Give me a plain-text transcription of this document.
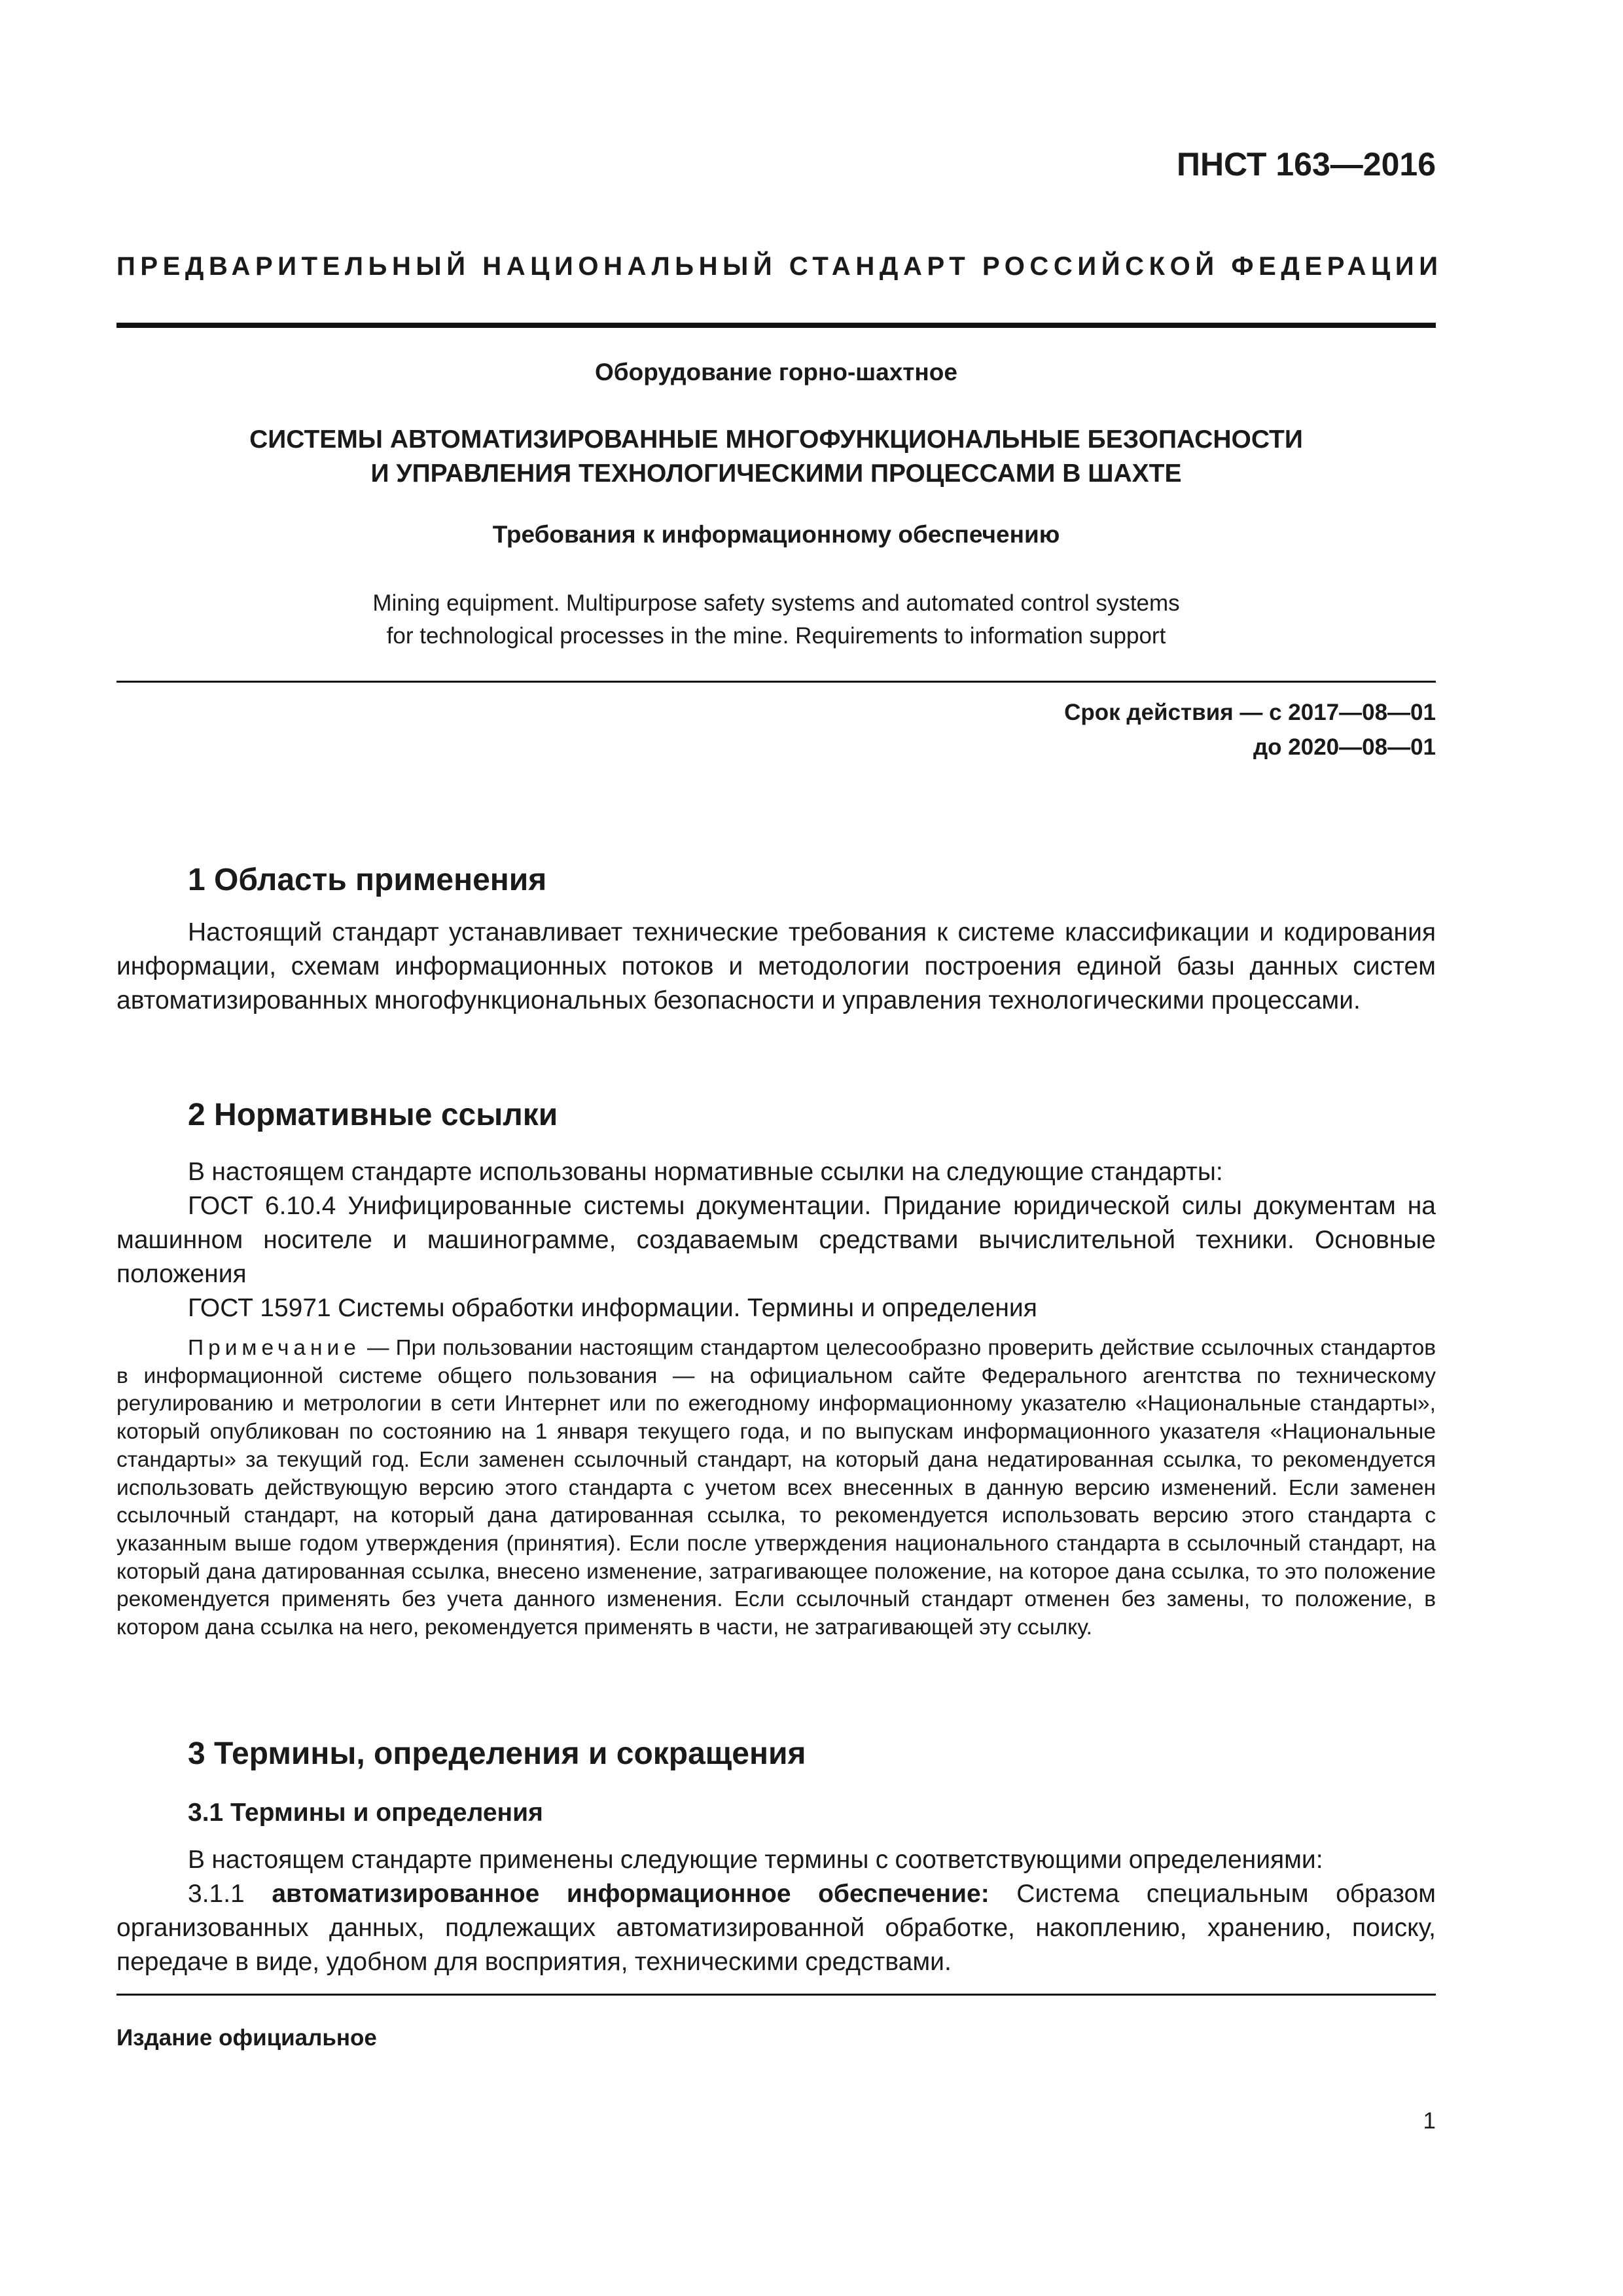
ПНСТ 163—2016
ПРЕДВАРИТЕЛЬНЫЙ НАЦИОНАЛЬНЫЙ СТАНДАРТ РОССИЙСКОЙ ФЕДЕРАЦИИ
Оборудование горно-шахтное
СИСТЕМЫ АВТОМАТИЗИРОВАННЫЕ МНОГОФУНКЦИОНАЛЬНЫЕ БЕЗОПАСНОСТИ
И УПРАВЛЕНИЯ ТЕХНОЛОГИЧЕСКИМИ ПРОЦЕССАМИ В ШАХТЕ
Требования к информационному обеспечению
Mining equipment. Multipurpose safety systems and automated control systems
for technological processes in the mine. Requirements to information support
Срок действия — с 2017—08—01
до 2020—08—01
1 Область применения

Настоящий стандарт устанавливает технические требования к системе классификации и кодирования информации, схемам информационных потоков и методологии построения единой базы данных систем автоматизированных многофункциональных безопасности и управления технологическими процессами.

2 Нормативные ссылки

В настоящем стандарте использованы нормативные ссылки на следующие стандарты:

ГОСТ 6.10.4 Унифицированные системы документации. Придание юридической силы документам на машинном носителе и машинограмме, создаваемым средствами вычислительной техники. Основные положения

ГОСТ 15971 Системы обработки информации. Термины и определения

Примечание — При пользовании настоящим стандартом целесообразно проверить действие ссылочных стандартов в информационной системе общего пользования — на официальном сайте Федерального агентства по техническому регулированию и метрологии в сети Интернет или по ежегодному информационному указателю «Национальные стандарты», который опубликован по состоянию на 1 января текущего года, и по выпускам информационного указателя «Национальные стандарты» за текущий год. Если заменен ссылочный стандарт, на который дана недатированная ссылка, то рекомендуется использовать действующую версию этого стандарта с учетом всех внесенных в данную версию изменений. Если заменен ссылочный стандарт, на который дана датированная ссылка, то рекомендуется использовать версию этого стандарта с указанным выше годом утверждения (принятия). Если после утверждения национального стандарта в ссылочный стандарт, на который дана датированная ссылка, внесено изменение, затрагивающее положение, на которое дана ссылка, то это положение рекомендуется применять без учета данного изменения. Если ссылочный стандарт отменен без замены, то положение, в котором дана ссылка на него, рекомендуется применять в части, не затрагивающей эту ссылку.

3 Термины, определения и сокращения
3.1 Термины и определения

В настоящем стандарте применены следующие термины с соответствующими определениями:

3.1.1 автоматизированное информационное обеспечение: Система специальным образом организованных данных, подлежащих автоматизированной обработке, накоплению, хранению, поиску, передаче в виде, удобном для восприятия, техническими средствами.

Издание официальное
1
